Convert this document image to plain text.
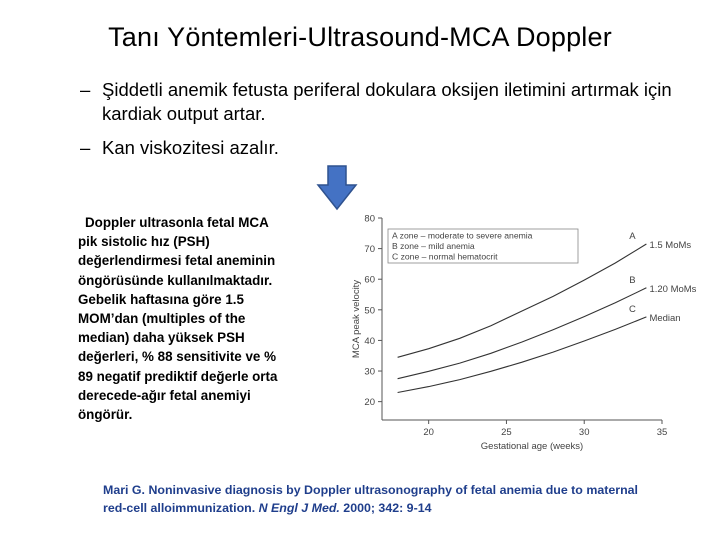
Tanı Yöntemleri-Ultrasound-MCA Doppler
– Şiddetli anemik fetusta periferal dokulara oksijen iletimini artırmak için kardiak output artar.
– Kan viskozitesi azalır.
Doppler ultrasonla fetal MCA
pik sistolic hız (PSH)
değerlendirmesi fetal aneminin
öngörüsünde kullanılmaktadır.
Gebelik haftasına göre 1.5
MOM’dan (multiples of the
median) daha yüksek PSH
değerleri, % 88 sensitivite ve %
89 negatif prediktif değerle orta
derecede-ağır fetal anemiyi
öngörür.
20
30
40
50
60
70
80
20	25	30	35
Gestational age (weeks)
MCA peak velocity
A zone – moderate to severe anemia
B zone – mild anemia
C zone – normal hematocrit
A
1.5 MoMs
B
1.20 MoMs
C
Median
Mari G. Noninvasive diagnosis by Doppler ultrasonography of fetal anemia due to maternal red-cell alloimmunization. N Engl J Med. 2000; 342: 9-14
